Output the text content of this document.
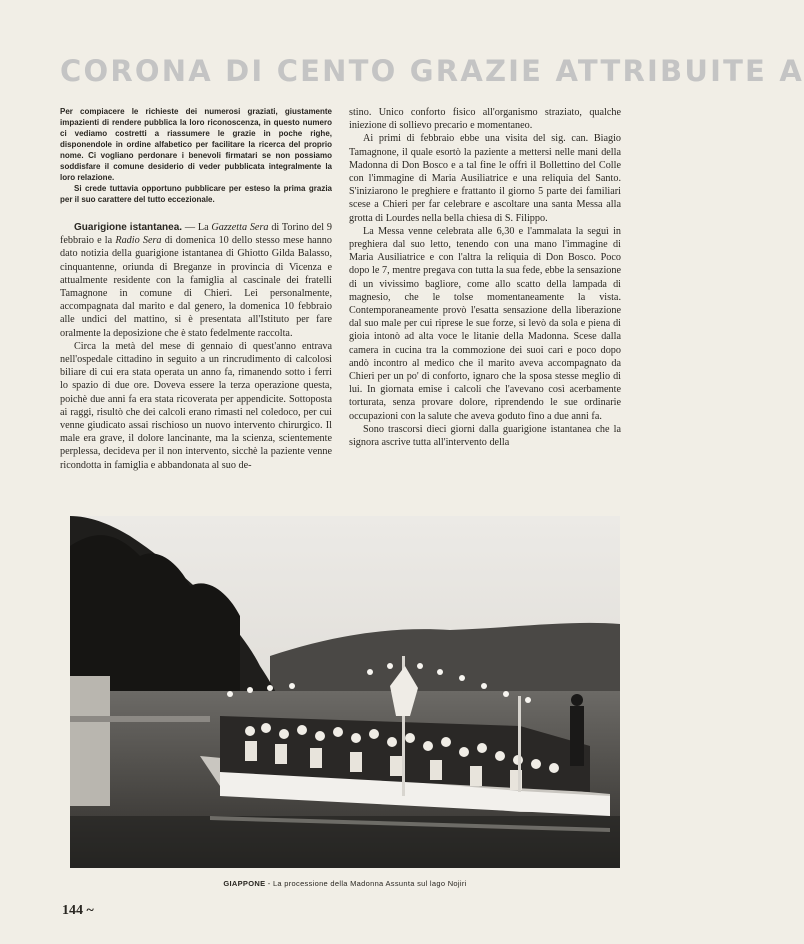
CORONA DI CENTO GRAZIE ATTRIBUITE A

Per compiacere le richieste dei numerosi graziati, giustamente impazienti di rendere pubblica la loro riconoscenza, in questo numero ci vediamo costretti a riassumere le grazie in poche righe, disponendole in ordine alfabetico per facilitare la ricerca del proprio nome. Ci vogliano perdonare i benevoli firmatari se non possiamo soddisfare il comune desiderio di veder pubblicata integralmente la loro relazione.

Si crede tuttavia opportuno pubblicare per esteso la prima grazia per il suo carattere del tutto eccezionale.

Guarigione istantanea. — La Gazzetta Sera di Torino del 9 febbraio e la Radio Sera di domenica 10 dello stesso mese hanno dato notizia della guarigione istantanea di Ghiotto Gilda Balasso, cinquantenne, oriunda di Breganze in provincia di Vicenza e attualmente residente con la famiglia al cascinale dei fratelli Tamagnone in comune di Chieri. Lei personalmente, accompagnata dal marito e dal genero, la domenica 10 febbraio alle undici del mattino, si è presentata all'Istituto per fare oralmente la deposizione che è stato fedelmente raccolta.

Circa la metà del mese di gennaio di quest'anno entrava nell'ospedale cittadino in seguito a un rincrudimento di calcolosi biliare di cui era stata operata un anno fa, rimanendo sotto i ferri lo spazio di due ore. Doveva essere la terza operazione questa, poichè due anni fa era stata ricoverata per appendicite. Sottoposta ai raggi, risultò che dei calcoli erano rimasti nel coledoco, per cui venne giudicato assai rischioso un nuovo intervento chirurgico. Il male era grave, il dolore lancinante, ma la scienza, scientemente perplessa, decideva per il non intervento, sicchè la paziente venne ricondotta in famiglia e abbandonata al suo de-

stino. Unico conforto fisico all'organismo straziato, qualche iniezione di sollievo precario e momentaneo.

Ai primi di febbraio ebbe una visita del sig. can. Biagio Tamagnone, il quale esortò la paziente a mettersi nelle mani della Madonna di Don Bosco e a tal fine le offrì il Bollettino del Colle con l'immagine di Maria Ausiliatrice e una reliquia del Santo. S'iniziarono le preghiere e frattanto il giorno 5 parte dei familiari scese a Chieri per far celebrare e ascoltare una santa Messa alla grotta di Lourdes nella bella chiesa di S. Filippo.

La Messa venne celebrata alle 6,30 e l'ammalata la seguì in preghiera dal suo letto, tenendo con una mano l'immagine di Maria Ausiliatrice e con l'altra la reliquia di Don Bosco. Poco dopo le 7, mentre pregava con tutta la sua fede, ebbe la sensazione di un vivissimo bagliore, come allo scatto della lampada di magnesio, che le tolse momentaneamente la vista. Contemporaneamente provò l'esatta sensazione della liberazione dal suo male per cui riprese le sue forze, si levò da sola e piena di gioia intonò ad alta voce le litanie della Madonna. Scese dalla camera in cucina tra la commozione dei suoi cari e poco dopo andò incontro al medico che il marito aveva accompagnato da Chieri per un po' di conforto, ignaro che la sposa stesse meglio di lui. In giornata emise i calcoli che l'avevano così acerbamente torturata, senza provare dolore, riprendendo le sue ordinarie occupazioni con la salute che aveva goduto fino a due anni fa.

Sono trascorsi dieci giorni dalla guarigione istantanea che la signora ascrive tutta all'intervento della

GIAPPONE - La processione della Madonna Assunta sul lago Nojiri
144 ~
